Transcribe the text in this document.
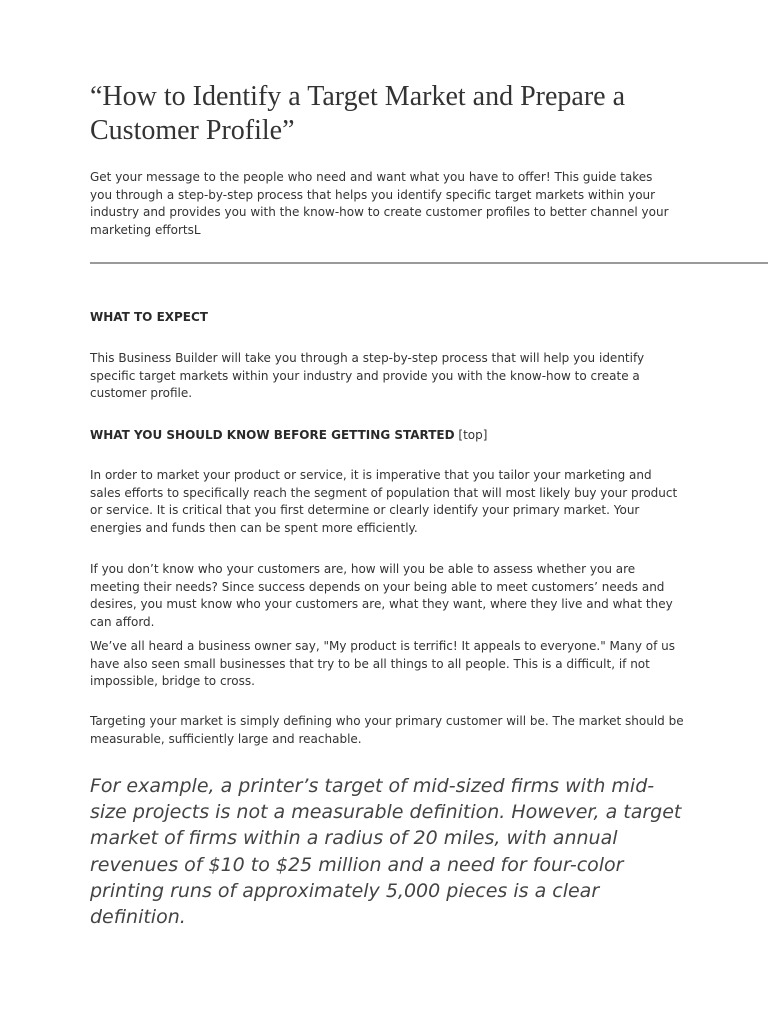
“How to Identify a Target Market and Prepare a Customer Profile”

Get your message to the people who need and want what you have to offer! This guide takes you through a step-by-step process that helps you identify specific target markets within your industry and provides you with the know-how to create customer profiles to better channel your marketing effortsL

WHAT TO EXPECT

This Business Builder will take you through a step-by-step process that will help you identify specific target markets within your industry and provide you with the know-how to create a customer profile.

WHAT YOU SHOULD KNOW BEFORE GETTING STARTED [top]

In order to market your product or service, it is imperative that you tailor your marketing and sales efforts to specifically reach the segment of population that will most likely buy your product or service. It is critical that you first determine or clearly identify your primary market. Your energies and funds then can be spent more efficiently.

If you don’t know who your customers are, how will you be able to assess whether you are meeting their needs? Since success depends on your being able to meet customers’ needs and desires, you must know who your customers are, what they want, where they live and what they can afford.

We’ve all heard a business owner say, "My product is terrific! It appeals to everyone." Many of us have also seen small businesses that try to be all things to all people. This is a difficult, if not impossible, bridge to cross.

Targeting your market is simply defining who your primary customer will be. The market should be measurable, sufficiently large and reachable.

For example, a printer’s target of mid-sized firms with mid-size projects is not a measurable definition. However, a target market of firms within a radius of 20 miles, with annual revenues of $10 to $25 million and a need for four-color printing runs of approximately 5,000 pieces is a clear definition.
